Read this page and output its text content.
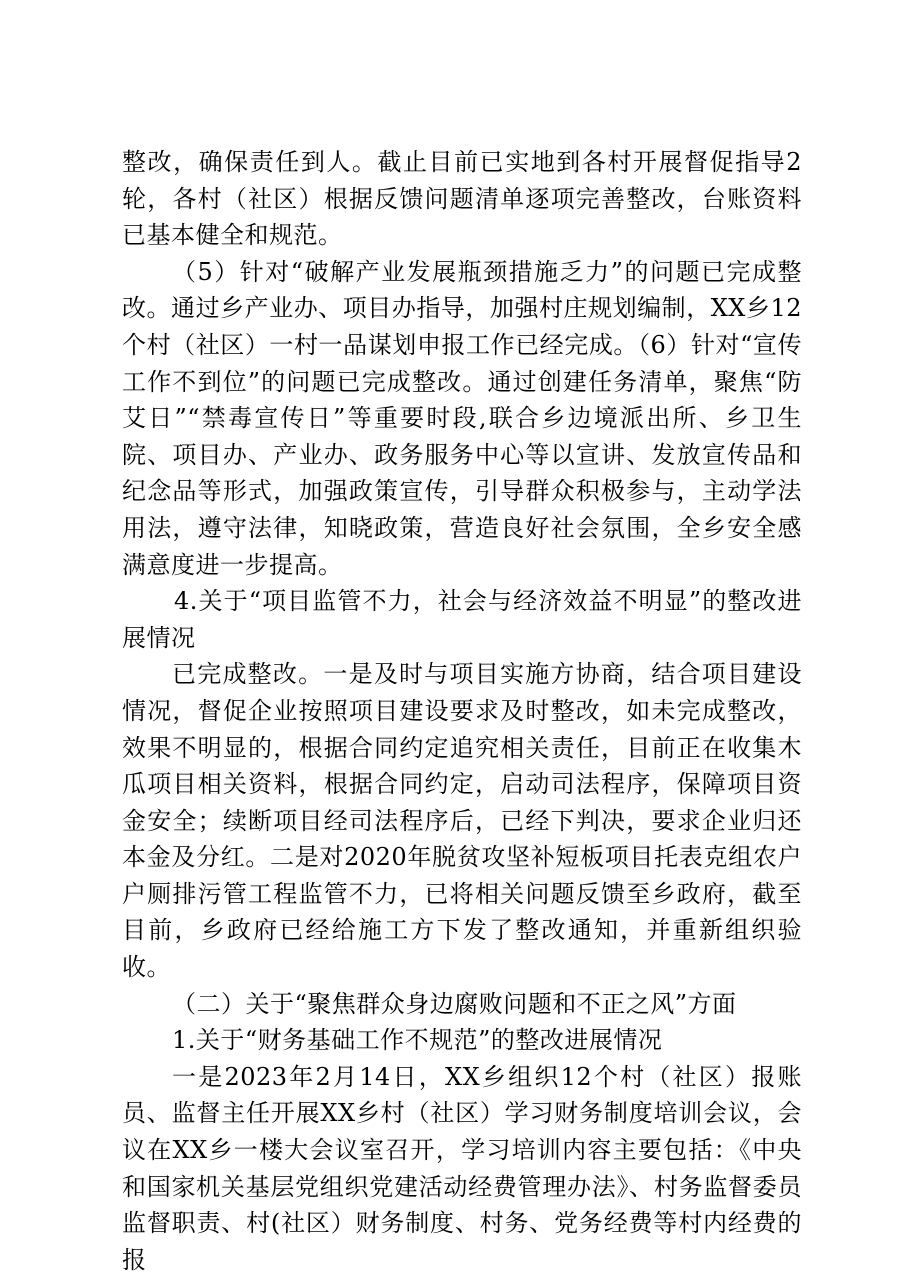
整改，确保责任到人。截止目前已实地到各村开展督促指导2轮，各村（社区）根据反馈问题清单逐项完善整改，台账资料已基本健全和规范。

（5）针对“破解产业发展瓶颈措施乏力”的问题已完成整改。通过乡产业办、项目办指导，加强村庄规划编制，XX乡12个村（社区）一村一品谋划申报工作已经完成。（6）针对“宣传工作不到位”的问题已完成整改。通过创建任务清单，聚焦“防艾日”“禁毒宣传日”等重要时段,联合乡边境派出所、乡卫生院、项目办、产业办、政务服务中心等以宣讲、发放宣传品和纪念品等形式，加强政策宣传，引导群众积极参与，主动学法用法，遵守法律，知晓政策，营造良好社会氛围，全乡安全感满意度进一步提高。

4.关于“项目监管不力，社会与经济效益不明显”的整改进展情况

已完成整改。一是及时与项目实施方协商，结合项目建设情况，督促企业按照项目建设要求及时整改，如未完成整改，效果不明显的，根据合同约定追究相关责任，目前正在收集木瓜项目相关资料，根据合同约定，启动司法程序，保障项目资金安全；续断项目经司法程序后，已经下判决，要求企业归还本金及分红。二是对2020年脱贫攻坚补短板项目托表克组农户户厕排污管工程监管不力，已将相关问题反馈至乡政府，截至目前，乡政府已经给施工方下发了整改通知，并重新组织验收。

（二）关于“聚焦群众身边腐败问题和不正之风”方面

1.关于“财务基础工作不规范”的整改进展情况

一是2023年2月14日，XX乡组织12个村（社区）报账员、监督主任开展XX乡村（社区）学习财务制度培训会议，会议在XX乡一楼大会议室召开，学习培训内容主要包括：《中央和国家机关基层党组织党建活动经费管理办法》、村务监督委员监督职责、村(社区）财务制度、村务、党务经费等村内经费的报
